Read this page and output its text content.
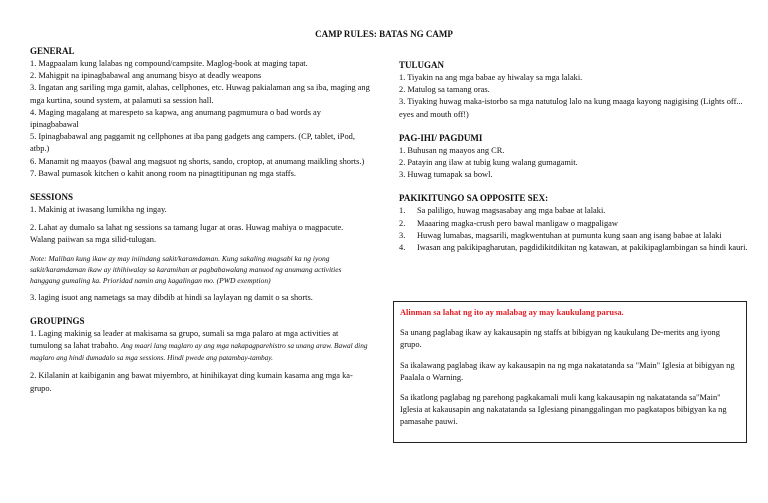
CAMP RULES: BATAS NG CAMP
GENERAL

1. Magpaalam kung lalabas ng compound/campsite. Maglog-book at maging tapat.

2. Mahigpit na ipinagbabawal ang anumang bisyo at deadly weapons

3. Ingatan ang sariling mga gamit, alahas, cellphones, etc. Huwag pakialaman ang sa iba, maging ang mga kurtina, sound system, at palamuti sa session hall.

4. Maging magalang at marespeto sa kapwa, ang anumang pagmumura o bad words ay ipinagbabawal

5. Ipinagbabawal ang paggamit ng cellphones at iba pang gadgets ang campers. (CP, tablet, iPod, atbp.)

6. Manamit ng maayos (bawal ang magsuot ng shorts, sando, croptop, at anumang maikling shorts.)

7. Bawal pumasok kitchen o kahit anong room na pinagtitipunan ng mga staffs.

SESSIONS

1. Makinig at iwasang lumikha ng ingay.

2. Lahat ay dumalo sa lahat ng sessions sa tamang lugar at oras. Huwag mahiya o magpacute. Walang paiiwan sa mga silid-tulugan.

Note: Maliban kung ikaw ay may iniindang sakit/karamdaman. Kung sakaling magsabi ka ng iyong sakit/karamdaman ikaw ay ithihiwalay sa karamihan at pagbabawalang manuod ng anumang activities hanggang gumaling ka. Prioridad namin ang kagalingan mo. (PWD exemption)

3. laging isuot ang nametags sa may dibdib at hindi sa laylayan ng damit o sa shorts.

GROUPINGS

1. Laging makinig sa leader at makisama sa grupo, sumali sa mga palaro at mga activities at tumulong sa lahat trabaho. Ang maari lang maglaro ay ang mga nakapagparehistro sa unang araw. Bawal ding maglaro ang hindi dumadalo sa mga sessions. Hindi pwede ang patambay-tambay.

2. Kilalanin at kaibiganin ang bawat miyembro, at hinihikayat ding kumain kasama ang mga ka-grupo.

TULUGAN

1. Tiyakin na ang mga babae ay hiwalay sa mga lalaki.

2. Matulog sa tamang oras.

3. Tiyaking huwag maka-istorbo sa mga natutulog lalo na kung maaga kayong nagigising (Lights off... eyes and mouth off!)

PAG-IHI/ PAGDUMI

1. Buhusan ng maayos ang CR.

2. Patayin ang ilaw at tubig kung walang gumagamit.

3. Huwag tumapak sa bowl.

PAKIKITUNGO SA OPPOSITE SEX:
1.	Sa paliligo, huwag magsasabay ang mga babae at lalaki.
2.	Maaaring magka-crush pero bawal manligaw o magpaligaw
3.	Huwag lumabas, magsarili, magkwentuhan at pumunta kung saan ang isang babae at lalaki
4.	Iwasan ang pakikipagharutan, pagdidikitdikitan ng katawan, at pakikipaglambingan sa hindi kauri.

Alinman sa lahat ng ito ay malabag ay may kaukulang parusa.

Sa unang paglabag ikaw ay kakausapin ng staffs at bibigyan ng kaukulang De-merits ang iyong grupo.

Sa ikalawang paglabag ikaw ay kakausapin na ng mga nakatatanda sa "Main" Iglesia at bibigyan ng Paalala o Warning.

Sa ikatlong paglabag ng parehong pagkakamali muli kang kakausapin ng nakatatanda sa"Main" Iglesia at kakausapin ang nakatatanda sa Iglesiang pinanggalingan mo pagkatapos bibigyan ka ng pamasahe pauwi.
